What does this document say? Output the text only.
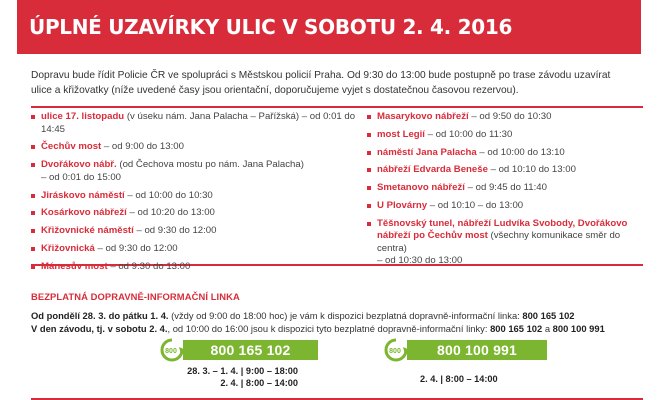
ÚPLNÉ UZAVÍRKY ULIC V SOBOTU 2. 4. 2016

Dopravu bude řídit Policie ČR ve spolupráci s Městskou policií Praha. Od 9:30 do 13:00 bude postupně po trase závodu uzavírat ulice a křižovatky (níže uvedené časy jsou orientační, doporučujeme vyjet s dostatečnou časovou rezervou).

ulice 17. listopadu (v úseku nám. Jana Palacha – Pařížská) – od 0:01 do 14:45
Čechův most – od 9:00 do 13:00
Dvořákovo nábř. (od Čechova mostu po nám. Jana Palacha)
– od 0:01 do 15:00
Jiráskovo náměstí – od 10:00 do 10:30
Kosárkovo nábřeží – od 10:20 do 13:00
Křižovnické náměstí – od 9:30 do 12:00
Křižovnická – od 9:30 do 12:00
Mánesův most – od 9:30 do 13:00
Masarykovo nábřeží – od 9:50 do 10:30
most Legií – od 10:00 do 11:30
náměstí Jana Palacha – od 10:00 do 13:10
nábřeží Edvarda Beneše – od 10:10 do 13:00
Smetanovo nábřeží – od 9:45 do 11:40
U Plovárny – od 10:10 – do 13:00
Těšnovský tunel, nábřeží Ludvíka Svobody, Dvořákovo nábřeží po Čechův most (všechny komunikace směr do centra)
– od 10:30 do 13:00
BEZPLATNÁ DOPRAVNĚ-INFORMAČNÍ LINKA
Od pondělí 28. 3. do pátku 1. 4. (vždy od 9:00 do 18:00 hoc) je vám k dispozici bezplatná dopravně-informační linka: 800 165 102
V den závodu, tj. v sobotu 2. 4., od 10:00 do 16:00 jsou k dispozici tyto bezplatné dopravně-informační linky: 800 165 102 a 800 100 991
800	800 165 102
28. 3. – 1. 4. | 9:00 – 18:00
2. 4. | 8:00 – 14:00
800	800 100 991
2. 4. | 8:00 – 14:00
